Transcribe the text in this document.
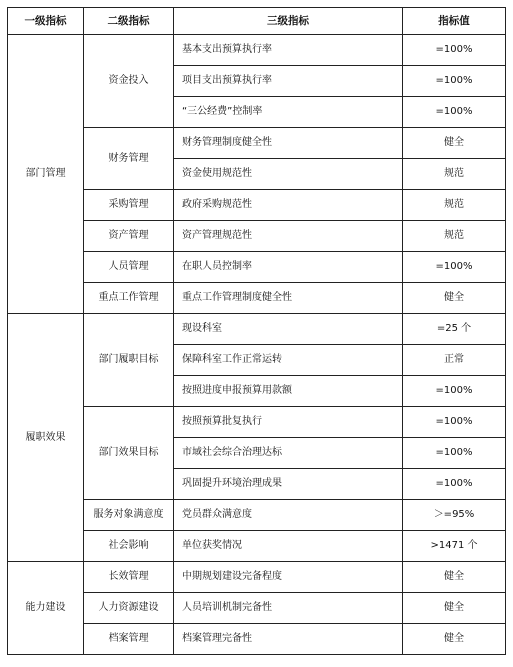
一级指标	二级指标	三级指标	指标值
部门管理	资金投入	基本支出预算执行率	=100%
		项目支出预算执行率	=100%
		“三公经费”控制率	=100%
	财务管理	财务管理制度健全性	健全
		资金使用规范性	规范
	采购管理	政府采购规范性	规范
	资产管理	资产管理规范性	规范
	人员管理	在职人员控制率	=100%
	重点工作管理	重点工作管理制度健全性	健全
履职效果	部门履职目标	现设科室	=25 个
		保障科室工作正常运转	正常
		按照进度申报预算用款额	=100%
	部门效果目标	按照预算批复执行	=100%
		市域社会综合治理达标	=100%
		巩固提升环境治理成果	=100%
	服务对象满意度	党员群众满意度	＞=95%
	社会影响	单位获奖情况	>1471 个
能力建设	长效管理	中期规划建设完备程度	健全
	人力资源建设	人员培训机制完备性	健全
	档案管理	档案管理完备性	健全
